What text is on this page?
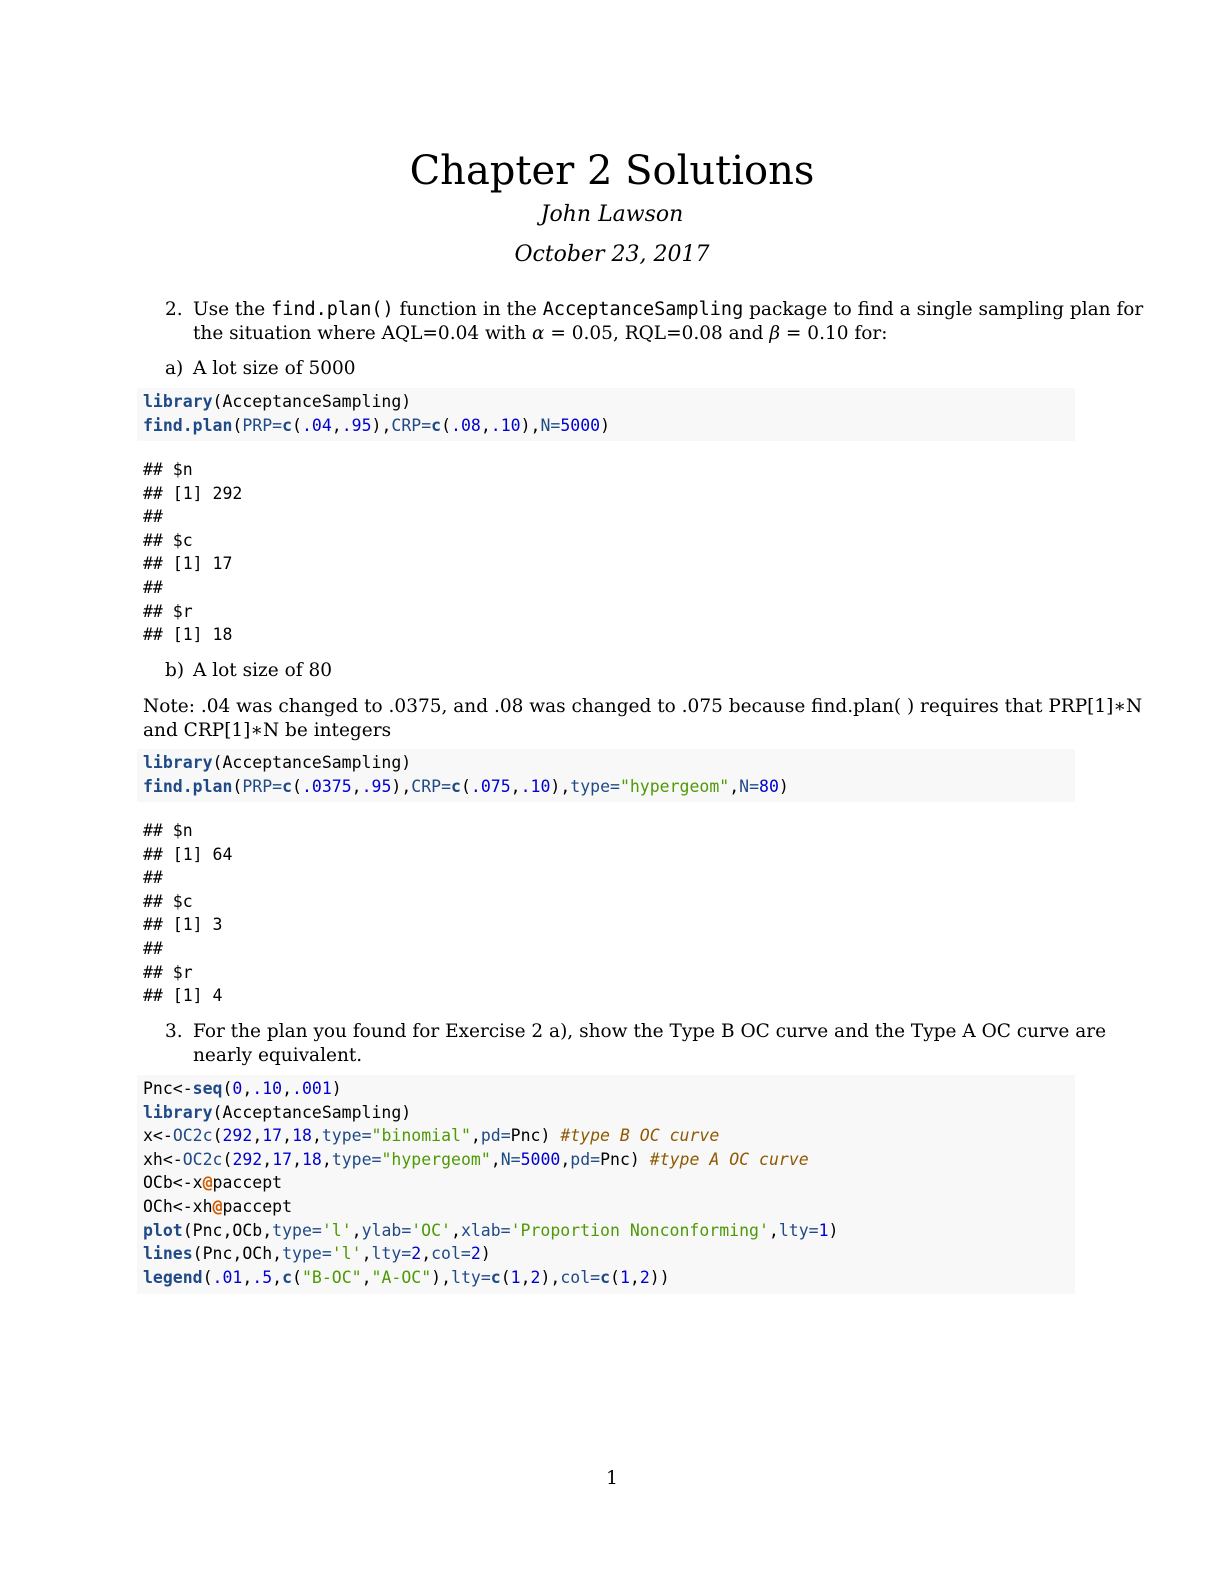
Chapter 2 Solutions
John Lawson
October 23, 2017
2. Use the find.plan() function in the AcceptanceSampling package to find a single sampling plan for
the situation where AQL=0.04 with α = 0.05, RQL=0.08 and β = 0.10 for:
a) A lot size of 5000
library(AcceptanceSampling)
find.plan(PRP=c(.04,.95),CRP=c(.08,.10),N=5000)
## $n
## [1] 292
##
## $c
## [1] 17
##
## $r
## [1] 18
b) A lot size of 80
Note: .04 was changed to .0375, and .08 was changed to .075 because find.plan( ) requires that PRP[1]∗N
and CRP[1]∗N be integers
library(AcceptanceSampling)
find.plan(PRP=c(.0375,.95),CRP=c(.075,.10),type="hypergeom",N=80)
## $n
## [1] 64
##
## $c
## [1] 3
##
## $r
## [1] 4
3. For the plan you found for Exercise 2 a), show the Type B OC curve and the Type A OC curve are
nearly equivalent.
Pnc<-seq(0,.10,.001)
library(AcceptanceSampling)
x<-OC2c(292,17,18,type="binomial",pd=Pnc) #type B OC curve
xh<-OC2c(292,17,18,type="hypergeom",N=5000,pd=Pnc) #type A OC curve
OCb<-x@paccept
OCh<-xh@paccept
plot(Pnc,OCb,type='l',ylab='OC',xlab='Proportion Nonconforming',lty=1)
lines(Pnc,OCh,type='l',lty=2,col=2)
legend(.01,.5,c("B-OC","A-OC"),lty=c(1,2),col=c(1,2))
1
